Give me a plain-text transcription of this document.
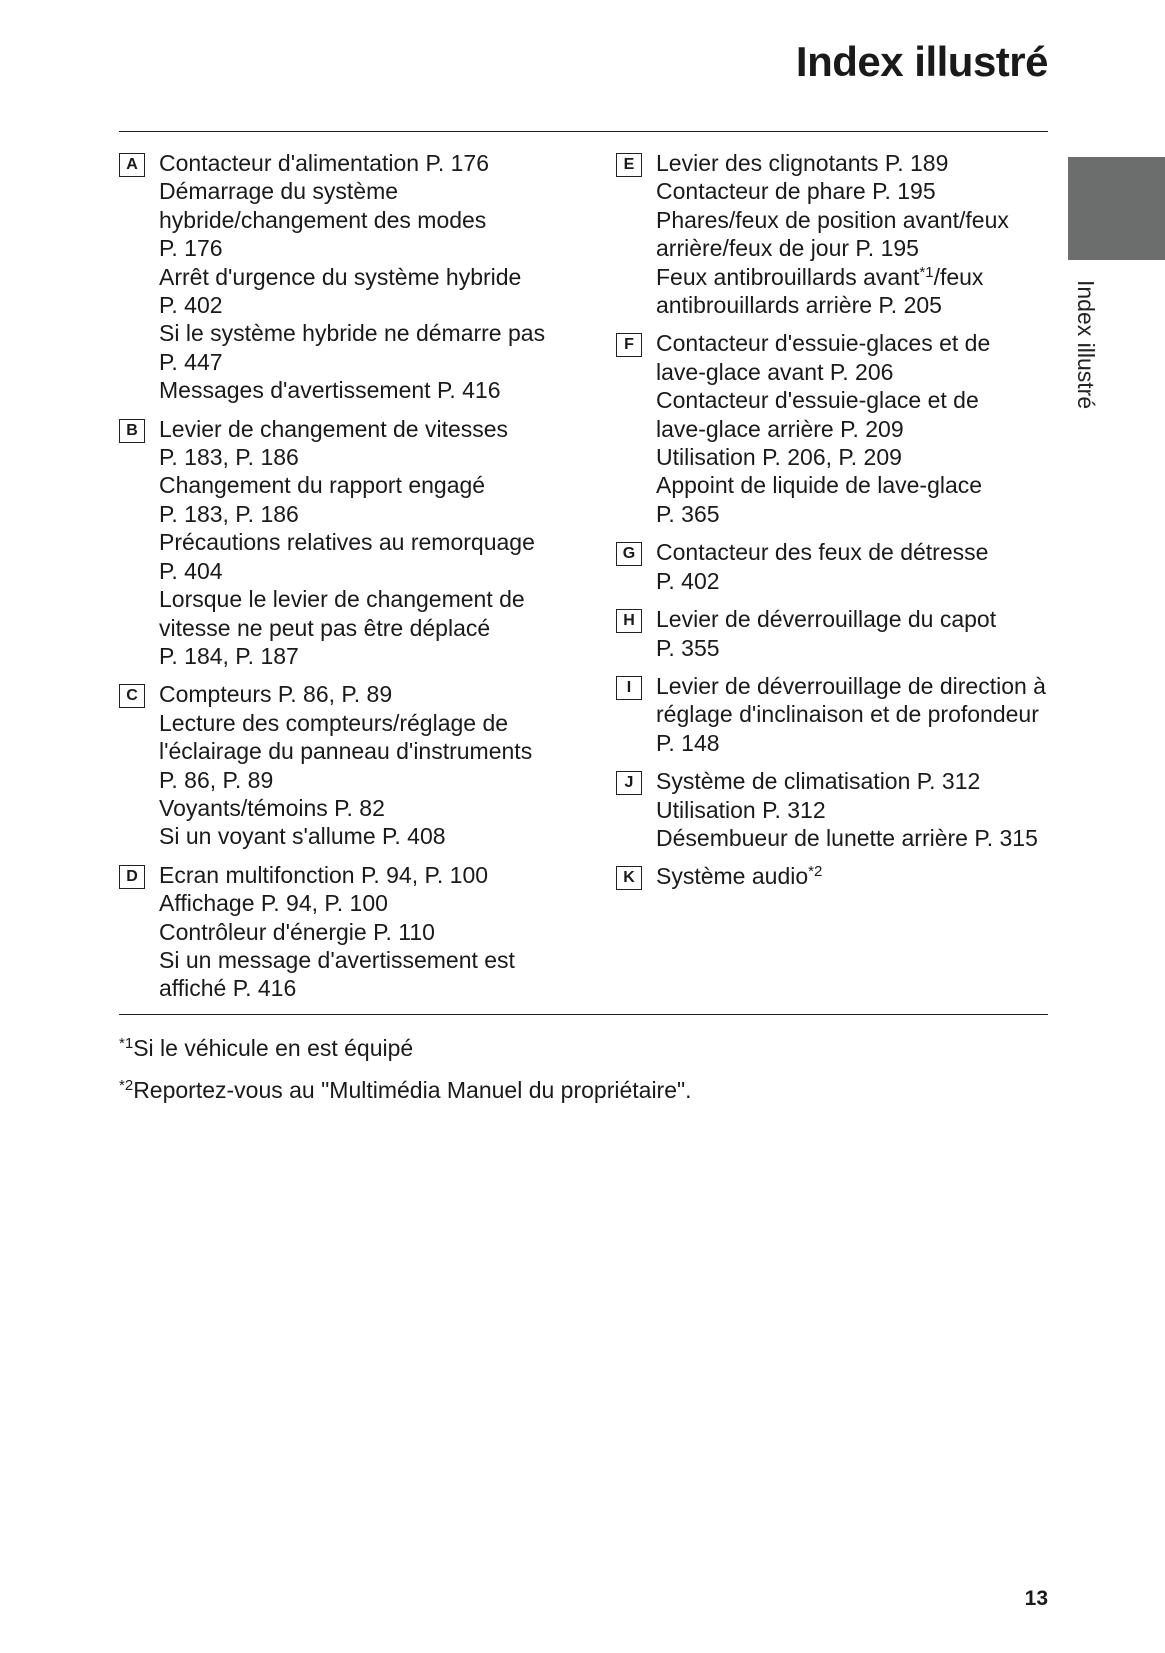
Index illustré
Index illustré
A Contacteur d'alimentation P. 176
Démarrage du système
hybride/changement des modes
P. 176
Arrêt d'urgence du système hybride
P. 402
Si le système hybride ne démarre pas
P. 447
Messages d'avertissement P. 416
B Levier de changement de vitesses
P. 183, P. 186
Changement du rapport engagé
P. 183, P. 186
Précautions relatives au remorquage
P. 404
Lorsque le levier de changement de
vitesse ne peut pas être déplacé
P. 184, P. 187
C Compteurs P. 86, P. 89
Lecture des compteurs/réglage de
l'éclairage du panneau d'instruments
P. 86, P. 89
Voyants/témoins P. 82
Si un voyant s'allume P. 408
D Ecran multifonction P. 94, P. 100
Affichage P. 94, P. 100
Contrôleur d'énergie P. 110
Si un message d'avertissement est
affiché P. 416
E Levier des clignotants P. 189
Contacteur de phare P. 195
Phares/feux de position avant/feux
arrière/feux de jour P. 195
Feux antibrouillards avant$^{*1}$/feux
antibrouillards arrière P. 205
F Contacteur d'essuie-glaces et de
lave-glace avant P. 206
Contacteur d'essuie-glace et de
lave-glace arrière P. 209
Utilisation P. 206, P. 209
Appoint de liquide de lave-glace
P. 365
G Contacteur des feux de détresse
P. 402
H Levier de déverrouillage du capot
P. 355
I	Levier de déverrouillage de direction à
réglage d'inclinaison et de profondeur
P. 148
J Système de climatisation P. 312
Utilisation P. 312
Désembueur de lunette arrière P. 315
K Système audio$^{*2}$
$^{*1}$Si le véhicule en est équipé
$^{*2}$Reportez-vous au "Multimédia Manuel du propriétaire".
13
